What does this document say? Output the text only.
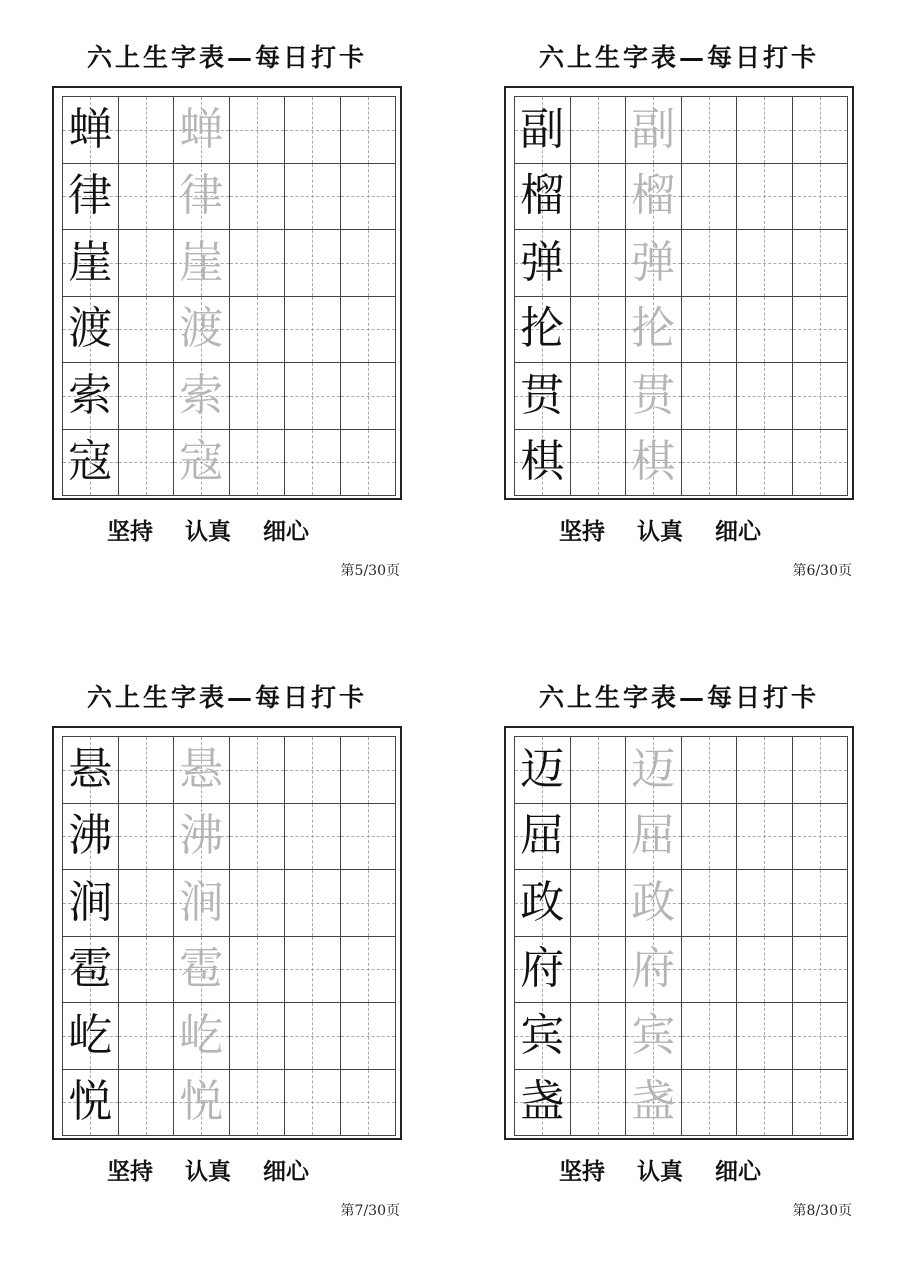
六上生字表—每日打卡
蝉		蝉			
律		律			
崖		崖			
渡		渡			
索		索			
寇		寇			
坚持 认真 细心
第5/30页
六上生字表—每日打卡
副		副			
榴		榴			
弹		弹			
抡		抡			
贯		贯			
棋		棋			
坚持 认真 细心
第6/30页
六上生字表—每日打卡
悬		悬			
沸		沸			
涧		涧			
雹		雹			
屹		屹			
悦		悦			
坚持 认真 细心
第7/30页
六上生字表—每日打卡
迈		迈			
屈		屈			
政		政			
府		府			
宾		宾			
盏		盏			
坚持 认真 细心
第8/30页
